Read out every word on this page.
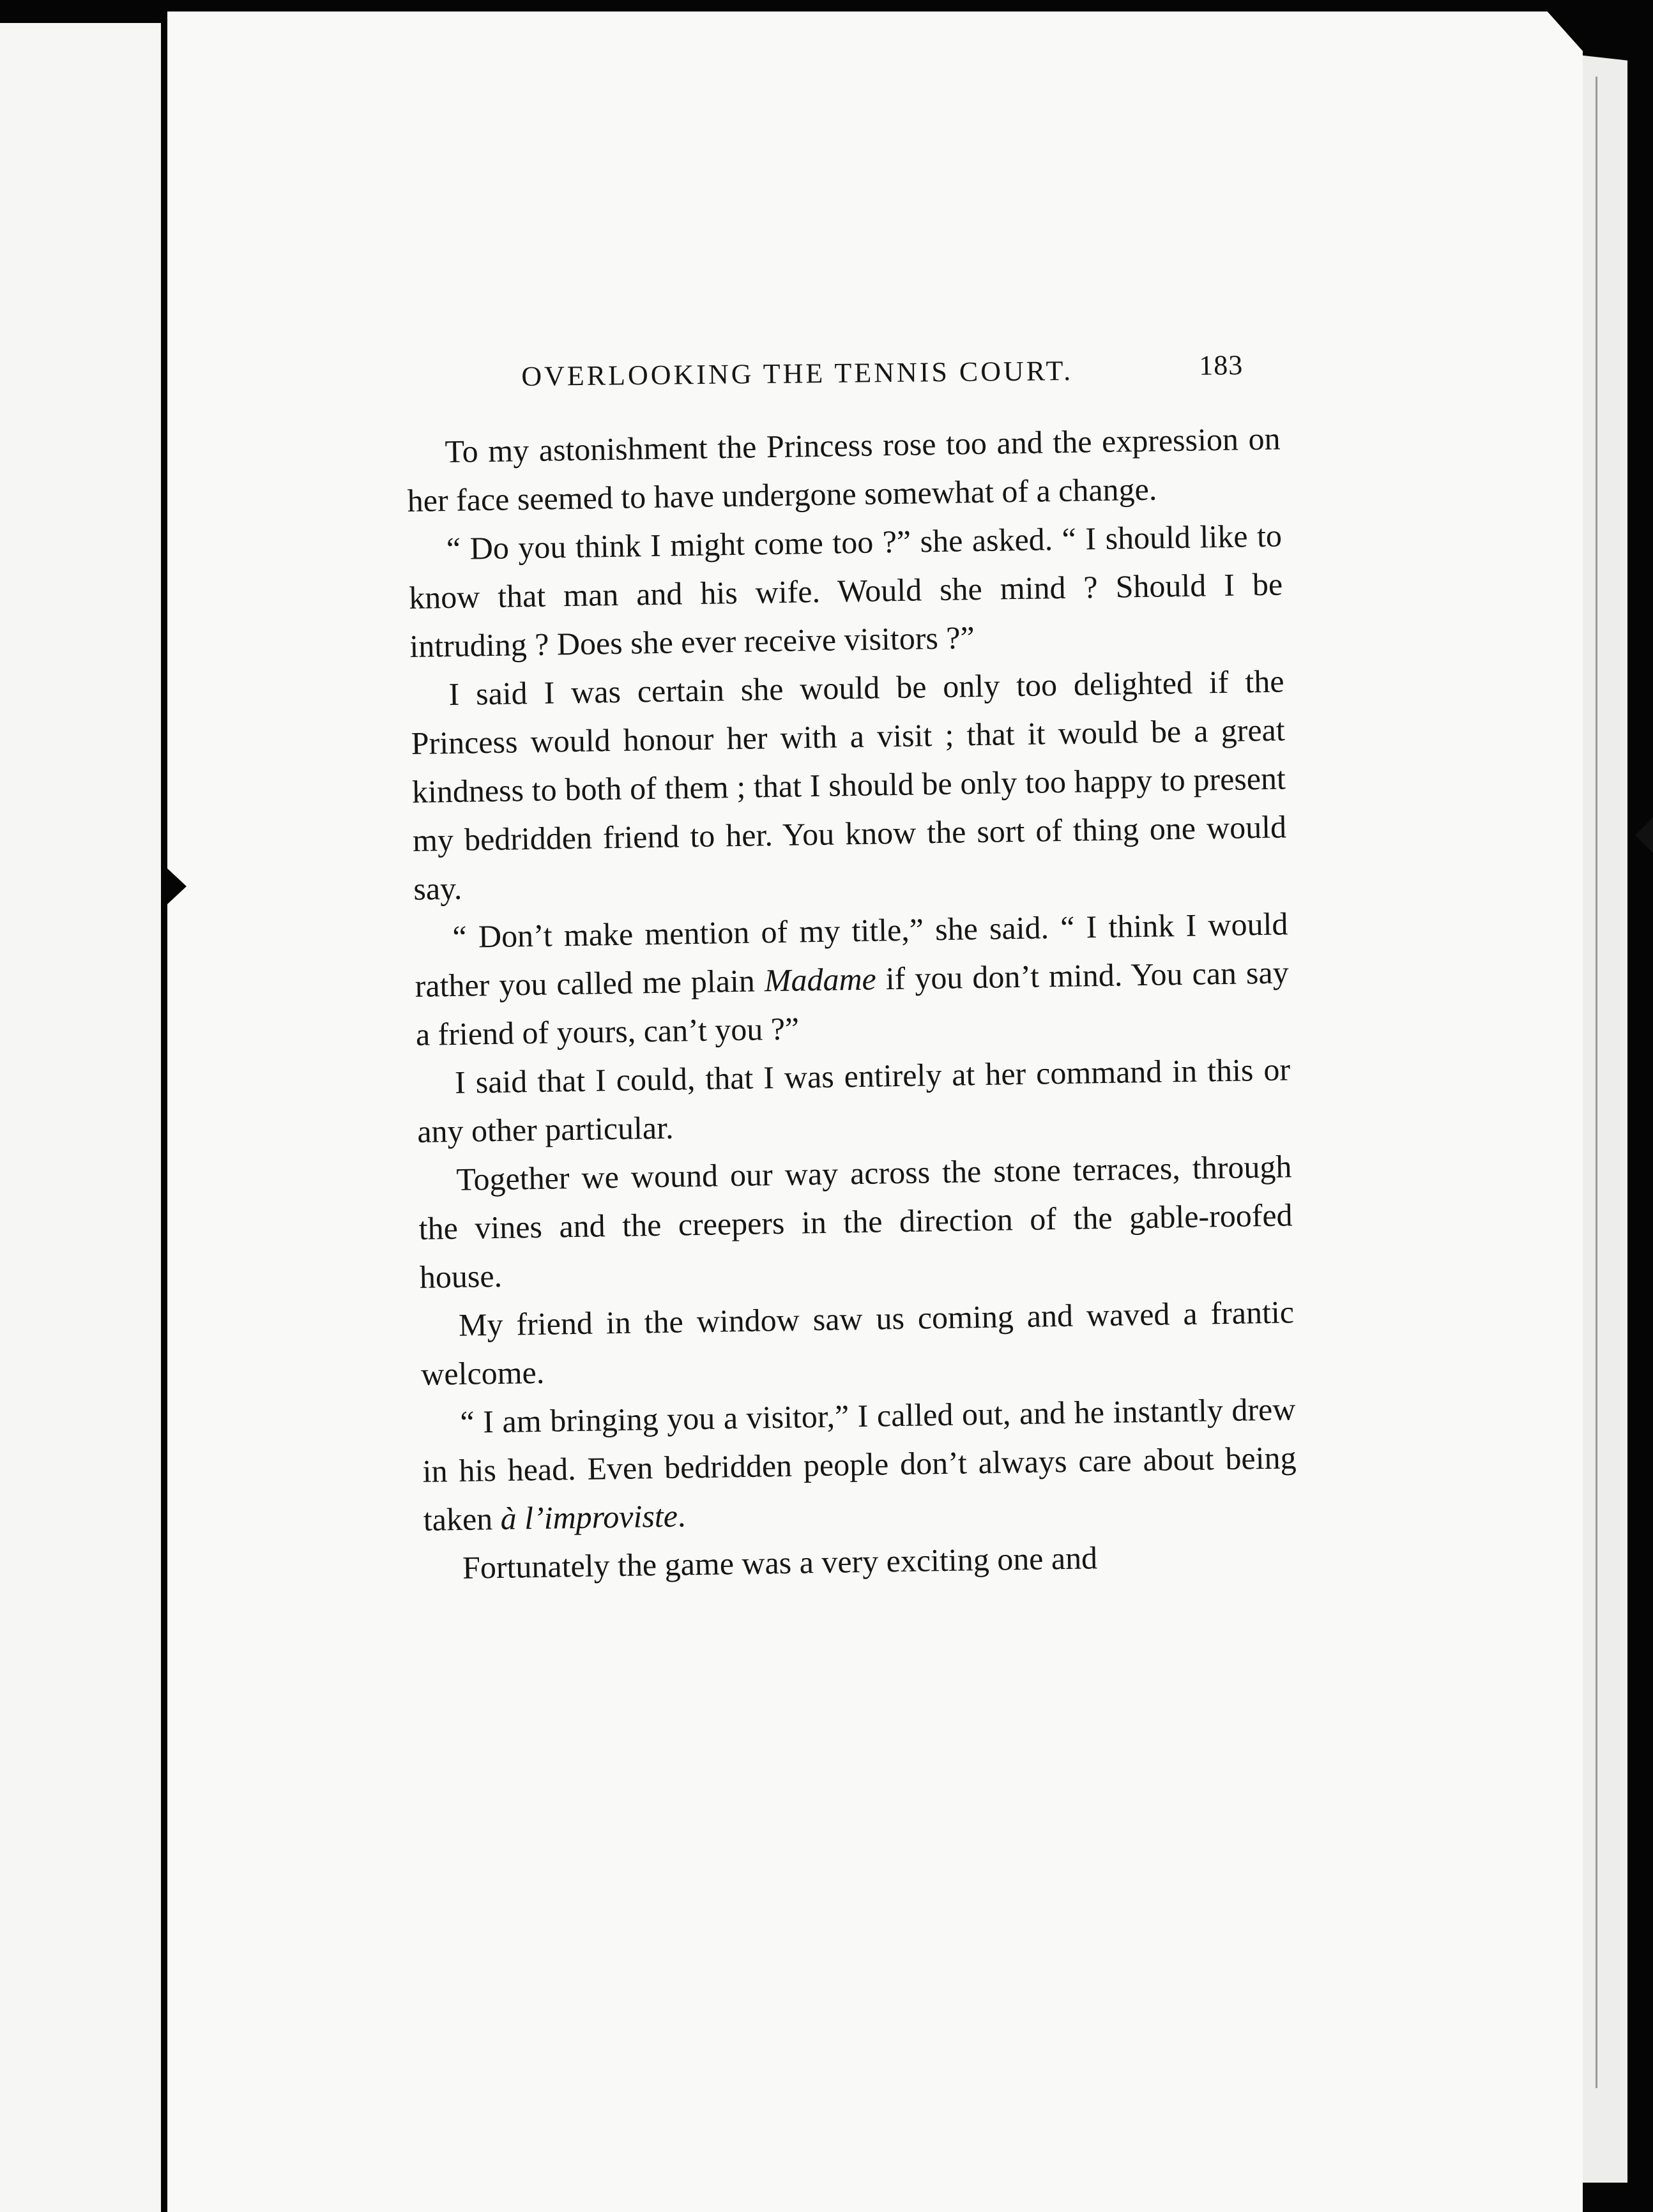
OVERLOOKING THE TENNIS COURT.	183

To my astonishment the Princess rose too and the expression on her face seemed to have undergone somewhat of a change.

“ Do you think I might come too ?” she asked. “ I should like to know that man and his wife. Would she mind ? Should I be intruding ? Does she ever receive visitors ?”

I said I was certain she would be only too delighted if the Princess would honour her with a visit ; that it would be a great kindness to both of them ; that I should be only too happy to present my bedridden friend to her. You know the sort of thing one would say.

“ Don’t make mention of my title,” she said. “ I think I would rather you called me plain Madame if you don’t mind. You can say a friend of yours, can’t you ?”

I said that I could, that I was entirely at her command in this or any other particular.

Together we wound our way across the stone terraces, through the vines and the creepers in the direction of the gable-roofed house.

My friend in the window saw us coming and waved a frantic welcome.

“ I am bringing you a visitor,” I called out, and he instantly drew in his head. Even bedridden people don’t always care about being taken à l’improviste.

Fortunately the game was a very exciting one and
